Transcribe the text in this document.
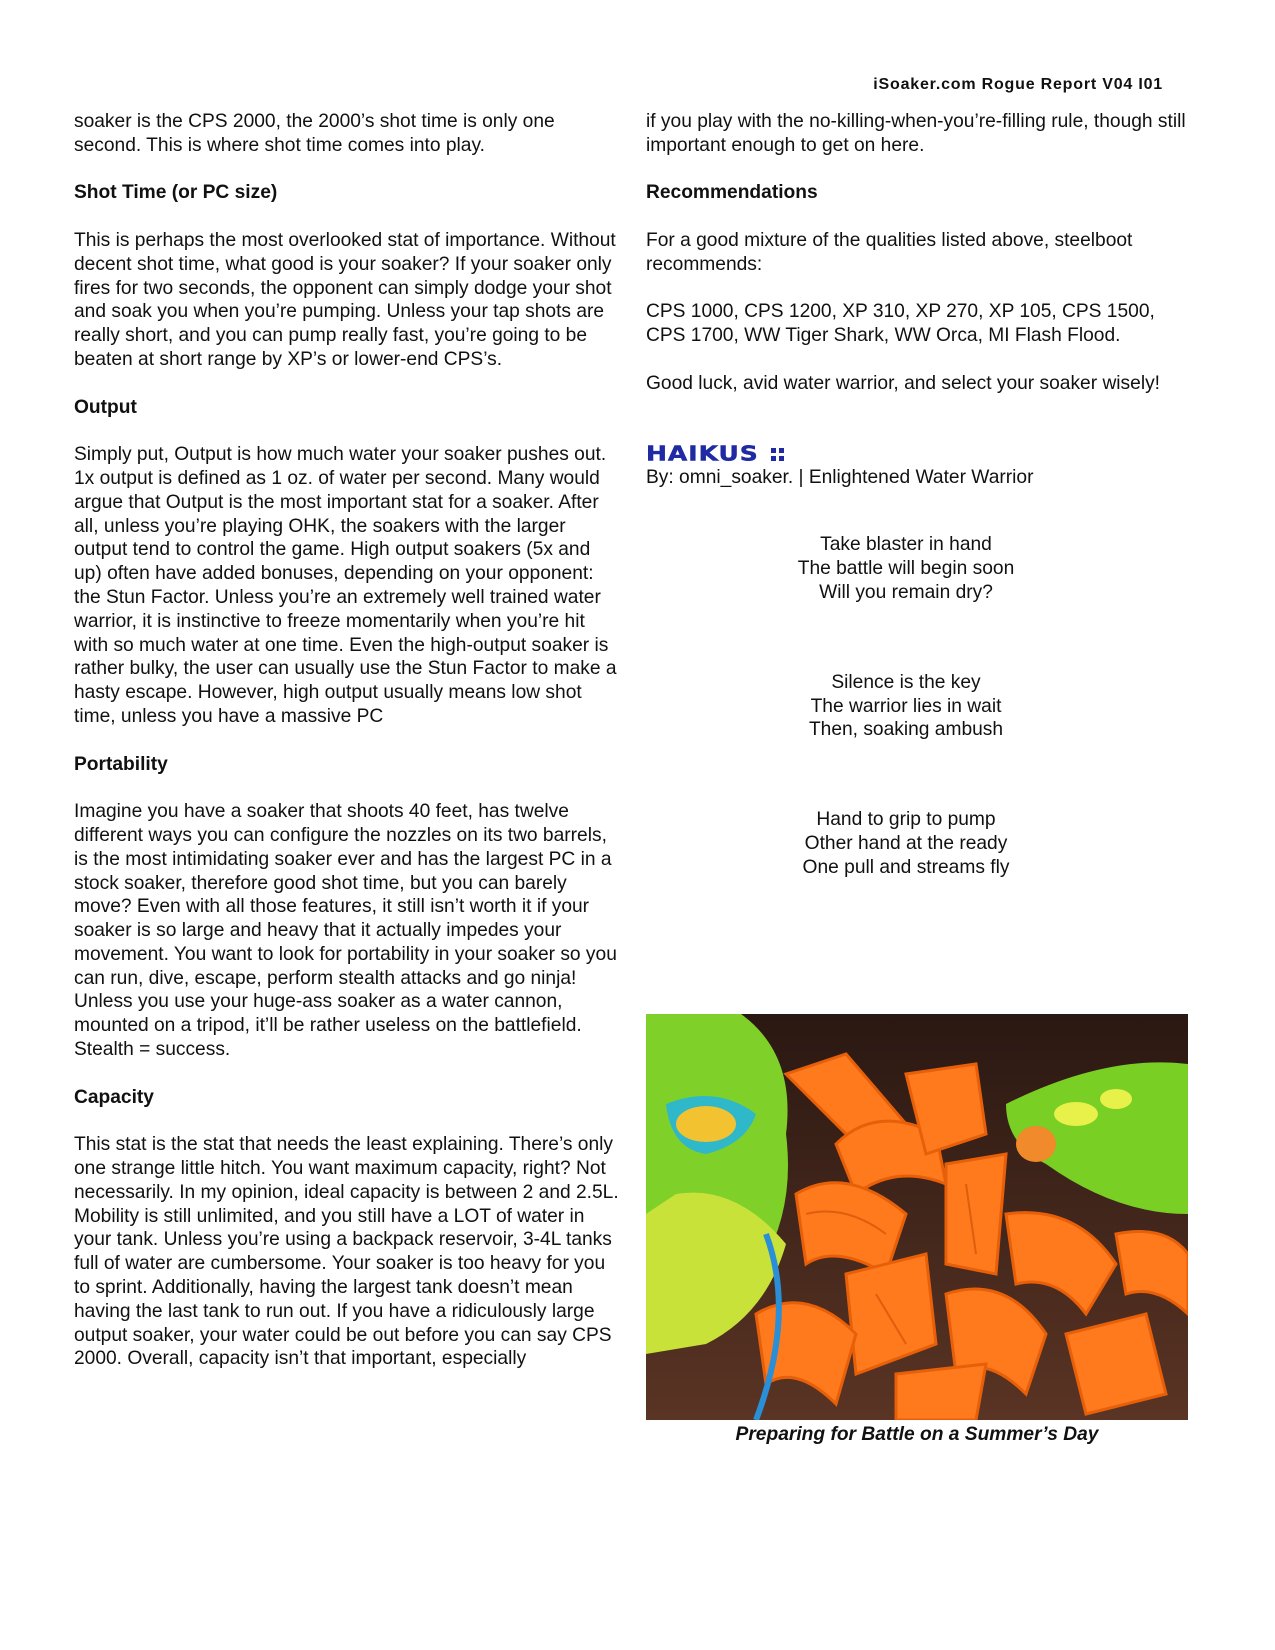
iSoaker.com Rogue Report V04 I01

soaker is the CPS 2000, the 2000’s shot time is only one second. This is where shot time comes into play.

Shot Time (or PC size)

This is perhaps the most overlooked stat of importance. Without decent shot time, what good is your soaker? If your soaker only fires for two seconds, the opponent can simply dodge your shot and soak you when you’re pumping. Unless your tap shots are really short, and you can pump really fast, you’re going to be beaten at short range by XP’s or lower-end CPS’s.

Output

Simply put, Output is how much water your soaker pushes out. 1x output is defined as 1 oz. of water per second. Many would argue that Output is the most important stat for a soaker. After all, unless you’re playing OHK, the soakers with the larger output tend to control the game. High output soakers (5x and up) often have added bonuses, depending on your opponent: the Stun Factor. Unless you’re an extremely well trained water warrior, it is instinctive to freeze momentarily when you’re hit with so much water at one time. Even the high-output soaker is rather bulky, the user can usually use the Stun Factor to make a hasty escape. However, high output usually means low shot time, unless you have a massive PC

Portability

Imagine you have a soaker that shoots 40 feet, has twelve different ways you can configure the nozzles on its two barrels, is the most intimidating soaker ever and has the largest PC in a stock soaker, therefore good shot time, but you can barely move? Even with all those features, it still isn’t worth it if your soaker is so large and heavy that it actually impedes your movement. You want to look for portability in your soaker so you can run, dive, escape, perform stealth attacks and go ninja! Unless you use your huge-ass soaker as a water cannon, mounted on a tripod, it’ll be rather useless on the battlefield. Stealth = success.

Capacity

This stat is the stat that needs the least explaining. There’s only one strange little hitch. You want maximum capacity, right? Not necessarily. In my opinion, ideal capacity is between 2 and 2.5L. Mobility is still unlimited, and you still have a LOT of water in your tank. Unless you’re using a backpack reservoir, 3-4L tanks full of water are cumbersome. Your soaker is too heavy for you to sprint. Additionally, having the largest tank doesn’t mean having the last tank to run out. If you have a ridiculously large output soaker, your water could be out before you can say CPS 2000. Overall, capacity isn’t that important, especially

if you play with the no-killing-when-you’re-filling rule, though still important enough to get on here.

Recommendations

For a good mixture of the qualities listed above, steelboot recommends:

CPS 1000, CPS 1200, XP 310, XP 270, XP 105, CPS 1500, CPS 1700, WW Tiger Shark, WW Orca, MI Flash Flood.

Good luck, avid water warrior, and select your soaker wisely!

HAIKUS

By: omni_soaker. | Enlightened Water Warrior

Take blaster in hand
The battle will begin soon
Will you remain dry?
Silence is the key
The warrior lies in wait
Then, soaking ambush
Hand to grip to pump
Other hand at the ready
One pull and streams fly
Preparing for Battle on a Summer’s Day
